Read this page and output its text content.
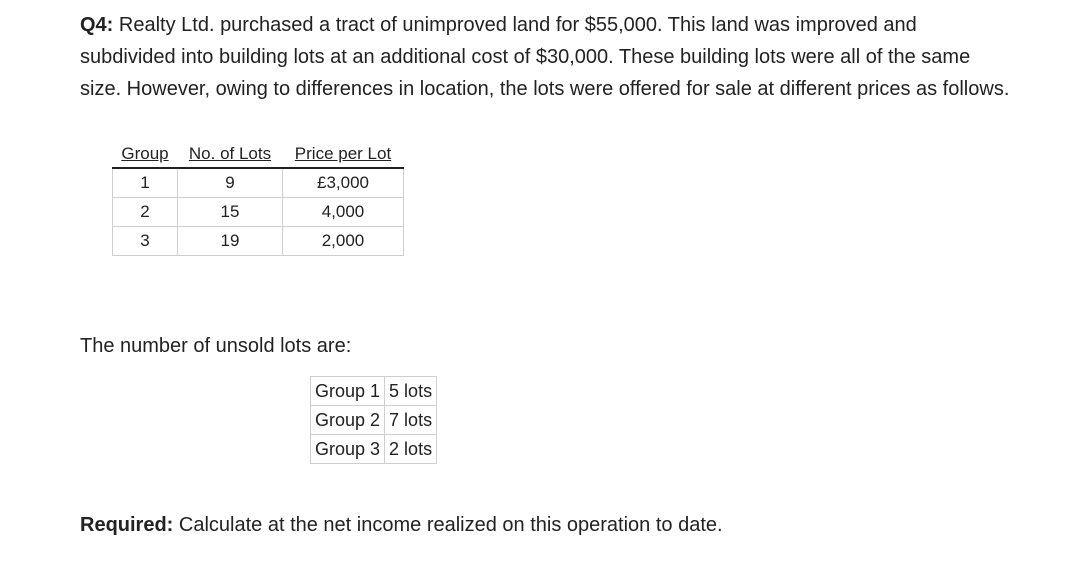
Q4: Realty Ltd. purchased a tract of unimproved land for $55,000. This land was improved and subdivided into building lots at an additional cost of $30,000. These building lots were all of the same size. However, owing to differences in location, the lots were offered for sale at different prices as follows.

Group	No. of Lots	Price per Lot
1	9	£3,000
2	15	4,000
3	19	2,000

The number of unsold lots are:

Group 1	5 lots
Group 2	7 lots
Group 3	2 lots

Required: Calculate at the net income realized on this operation to date.
